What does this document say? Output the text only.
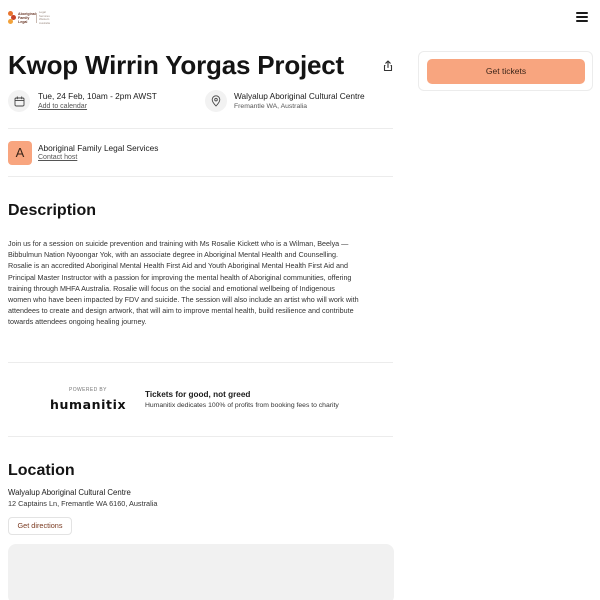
Aboriginal Family Legal
Legal Services Western Australia
Kwop Wirrin Yorgas Project	Get tickets
Tue, 24 Feb, 10am - 2pm AWST
Add to calendar
Walyalup Aboriginal Cultural Centre
Fremantle WA, Australia
A	Aboriginal Family Legal Services
Contact host
Description
Join us for a session on suicide prevention and training with Ms Rosalie Kickett who is a Wilman, Beelya —
Bibbulmun Nation Nyoongar Yok, with an associate degree in Aboriginal Mental Health and Counselling.
Rosalie is an accredited Aboriginal Mental Health First Aid and Youth Aboriginal Mental Health First Aid and
Principal Master Instructor with a passion for improving the mental health of Aboriginal communities, offering
training through MHFA Australia. Rosalie will focus on the social and emotional wellbeing of Indigenous
women who have been impacted by FDV and suicide. The session will also include an artist who will work with
attendees to create and design artwork, that will aim to improve mental health, build resilience and contribute
towards attendees ongoing healing journey.
POWERED BY
humanitix
Tickets for good, not greed
Humanitix dedicates 100% of profits from booking fees to charity
Location
Walyalup Aboriginal Cultural Centre
12 Captains Ln, Fremantle WA 6160, Australia
Get directions
